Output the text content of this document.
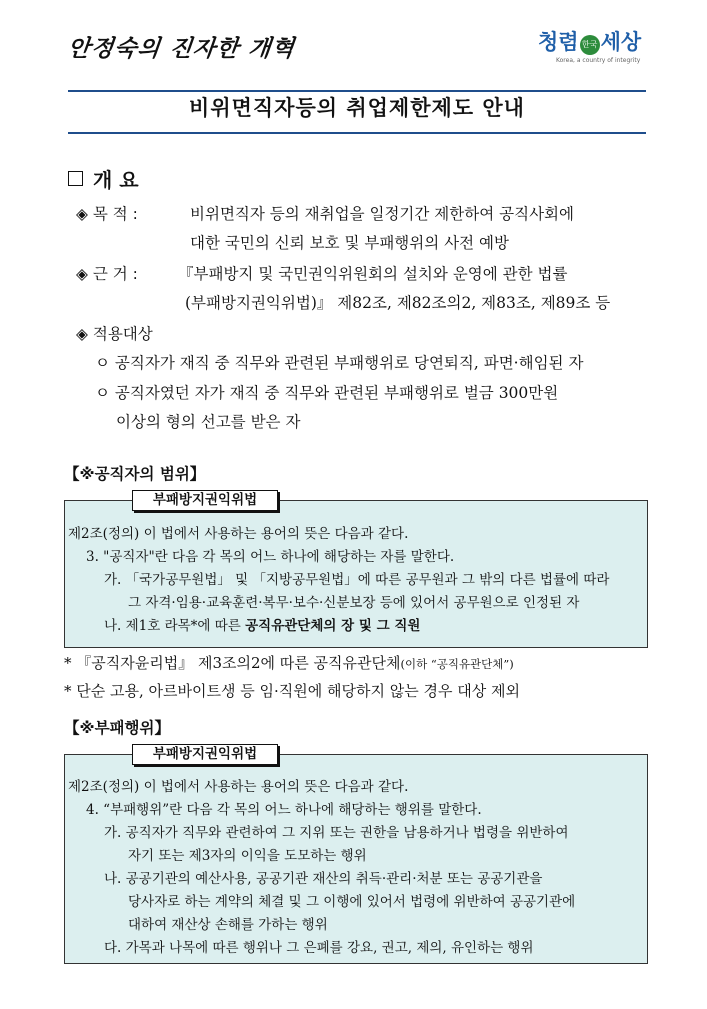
안정숙의 진자한 개혁	청렴 한국 세상
Korea, a country of integrity
비위면직자등의 취업제한제도 안내
개 요
◈ 목 적 :	비위면직자 등의 재취업을 일정기간 제한하여 공직사회에
대한 국민의 신뢰 보호 및 부패행위의 사전 예방
◈ 근 거 :	『부패방지 및 국민권익위원회의 설치와 운영에 관한 법률
(부패방지권익위법)』 제82조, 제82조의2, 제83조, 제89조 등
◈ 적용대상
ㅇ 공직자가 재직 중 직무와 관련된 부패행위로 당연퇴직, 파면·해임된 자
ㅇ 공직자였던 자가 재직 중 직무와 관련된 부패행위로 벌금 300만원
이상의 형의 선고를 받은 자
【※공직자의 범위】
부패방지권익위법
제2조(정의) 이 법에서 사용하는 용어의 뜻은 다음과 같다.
3. "공직자"란 다음 각 목의 어느 하나에 해당하는 자를 말한다.
가. 「국가공무원법」 및 「지방공무원법」에 따른 공무원과 그 밖의 다른 법률에 따라
그 자격·임용·교육훈련·복무·보수·신분보장 등에 있어서 공무원으로 인정된 자
나. 제1호 라목*에 따른 공직유관단체의 장 및 그 직원
* 『공직자윤리법』 제3조의2에 따른 공직유관단체(이하 “공직유관단체”)
* 단순 고용, 아르바이트생 등 임·직원에 해당하지 않는 경우 대상 제외
【※부패행위】
부패방지권익위법
제2조(정의) 이 법에서 사용하는 용어의 뜻은 다음과 같다.
4. “부패행위”란 다음 각 목의 어느 하나에 해당하는 행위를 말한다.
가. 공직자가 직무와 관련하여 그 지위 또는 권한을 남용하거나 법령을 위반하여
자기 또는 제3자의 이익을 도모하는 행위
나. 공공기관의 예산사용, 공공기관 재산의 취득·관리·처분 또는 공공기관을
당사자로 하는 계약의 체결 및 그 이행에 있어서 법령에 위반하여 공공기관에
대하여 재산상 손해를 가하는 행위
다. 가목과 나목에 따른 행위나 그 은폐를 강요, 권고, 제의, 유인하는 행위
